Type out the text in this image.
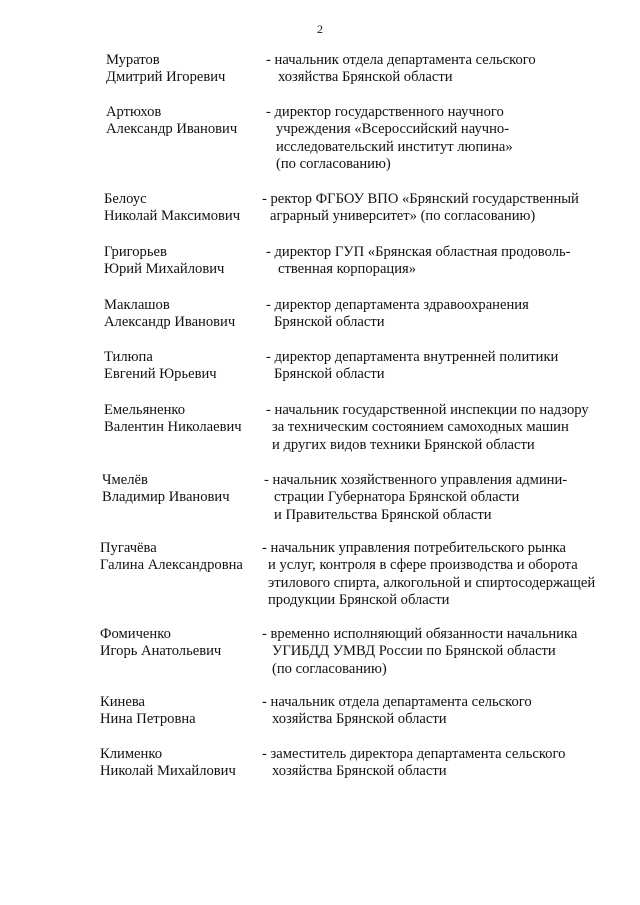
2
Муратов
Дмитрий Игоревич
- начальник отдела департамента сельского
хозяйства Брянской области
Артюхов
Александр Иванович
- директор государственного научного
учреждения «Всероссийский научно-
исследовательский институт люпина»
(по согласованию)
Белоус
Николай Максимович
- ректор ФГБОУ ВПО «Брянский государственный
аграрный университет» (по согласованию)
Григорьев
Юрий Михайлович
- директор ГУП «Брянская областная продоволь-
ственная корпорация»
Маклашов
Александр Иванович
- директор департамента здравоохранения
Брянской области
Тилюпа
Евгений Юрьевич
- директор департамента внутренней политики
Брянской области
Емельяненко
Валентин Николаевич
- начальник государственной инспекции по надзору
за техническим состоянием самоходных машин
и других видов техники Брянской области
Чмелёв
Владимир Иванович
- начальник хозяйственного управления админи-
страции Губернатора Брянской области
и Правительства Брянской области
Пугачёва
Галина Александровна
- начальник управления потребительского рынка
и услуг, контроля в сфере производства и оборота
этилового спирта, алкогольной и спиртосодержащей
продукции Брянской области
Фомиченко
Игорь Анатольевич
- временно исполняющий обязанности начальника
УГИБДД УМВД России по Брянской области
(по согласованию)
Кинева
Нина Петровна
- начальник отдела департамента сельского
хозяйства Брянской области
Клименко
Николай Михайлович
- заместитель директора департамента сельского
хозяйства Брянской области
